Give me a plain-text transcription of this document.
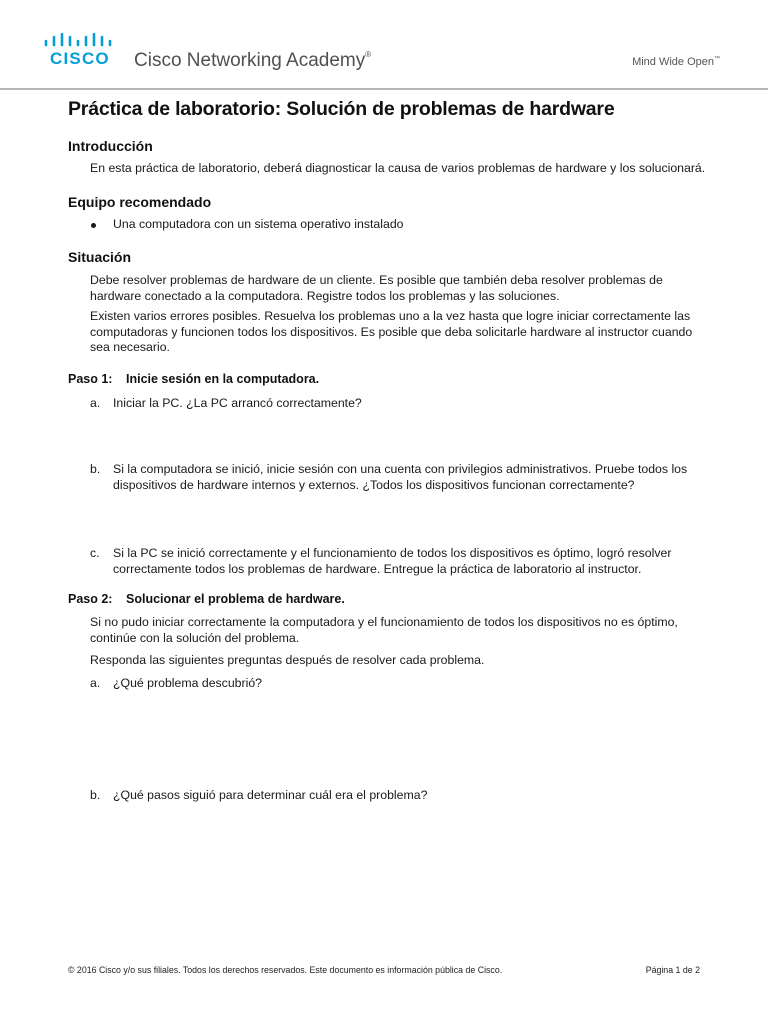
CISCO Cisco Networking Academy®
Mind Wide Open™
Práctica de laboratorio: Solución de problemas de hardware
Introducción

En esta práctica de laboratorio, deberá diagnosticar la causa de varios problemas de hardware y los solucionará.

Equipo recomendado
Una computadora con un sistema operativo instalado
Situación

Debe resolver problemas de hardware de un cliente. Es posible que también deba resolver problemas de hardware conectado a la computadora. Registre todos los problemas y las soluciones.

Existen varios errores posibles. Resuelva los problemas uno a la vez hasta que logre iniciar correctamente las computadoras y funcionen todos los dispositivos. Es posible que deba solicitarle hardware al instructor cuando sea necesario.

Paso 1: Inicie sesión en la computadora.
a. Iniciar la PC. ¿La PC arrancó correctamente?
b. Si la computadora se inició, inicie sesión con una cuenta con privilegios administrativos. Pruebe todos los dispositivos de hardware internos y externos. ¿Todos los dispositivos funcionan correctamente?
c. Si la PC se inició correctamente y el funcionamiento de todos los dispositivos es óptimo, logró resolver correctamente todos los problemas de hardware. Entregue la práctica de laboratorio al instructor.
Paso 2: Solucionar el problema de hardware.

Si no pudo iniciar correctamente la computadora y el funcionamiento de todos los dispositivos no es óptimo, continúe con la solución del problema.

Responda las siguientes preguntas después de resolver cada problema.

a. ¿Qué problema descubrió?
b. ¿Qué pasos siguió para determinar cuál era el problema?
© 2016 Cisco y/o sus filiales. Todos los derechos reservados. Este documento es información pública de Cisco.	Página 1 de 2
